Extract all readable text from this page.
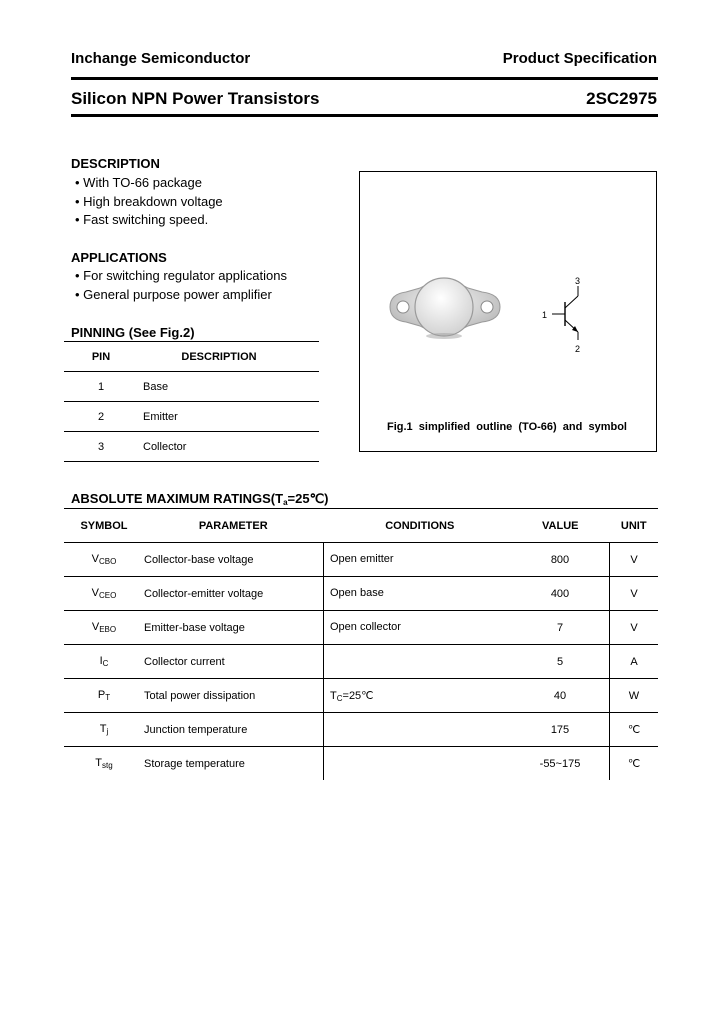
Inchange Semiconductor	Product Specification
Silicon NPN Power Transistors	2SC2975
DESCRIPTION
• With TO-66 package
• High breakdown voltage
• Fast switching speed.
APPLICATIONS
• For switching regulator applications
• General purpose power amplifier
PINNING (See Fig.2)
PIN	DESCRIPTION
1	Base
2	Emitter
3	Collector
1
2
3
Fig.1  simplified  outline  (TO-66)  and  symbol
ABSOLUTE MAXIMUM $RATINGS(T_a=25℃)$
SYMBOL	PARAMETER	CONDITIONS	VALUE	UNIT
$V_{CBO}$	Collector-base voltage	Open emitter	800	V
$V_{CEO}$	Collector-emitter voltage	Open base	400	V
$V_{EBO}$	Emitter-base voltage	Open collector	7	V
$I_C$	Collector current		5	A
$P_T$	Total power dissipation	$T_C=25℃$	40	W
$T_j$	Junction temperature		175	℃
$T_{stg}$	Storage temperature		-55~175	℃
